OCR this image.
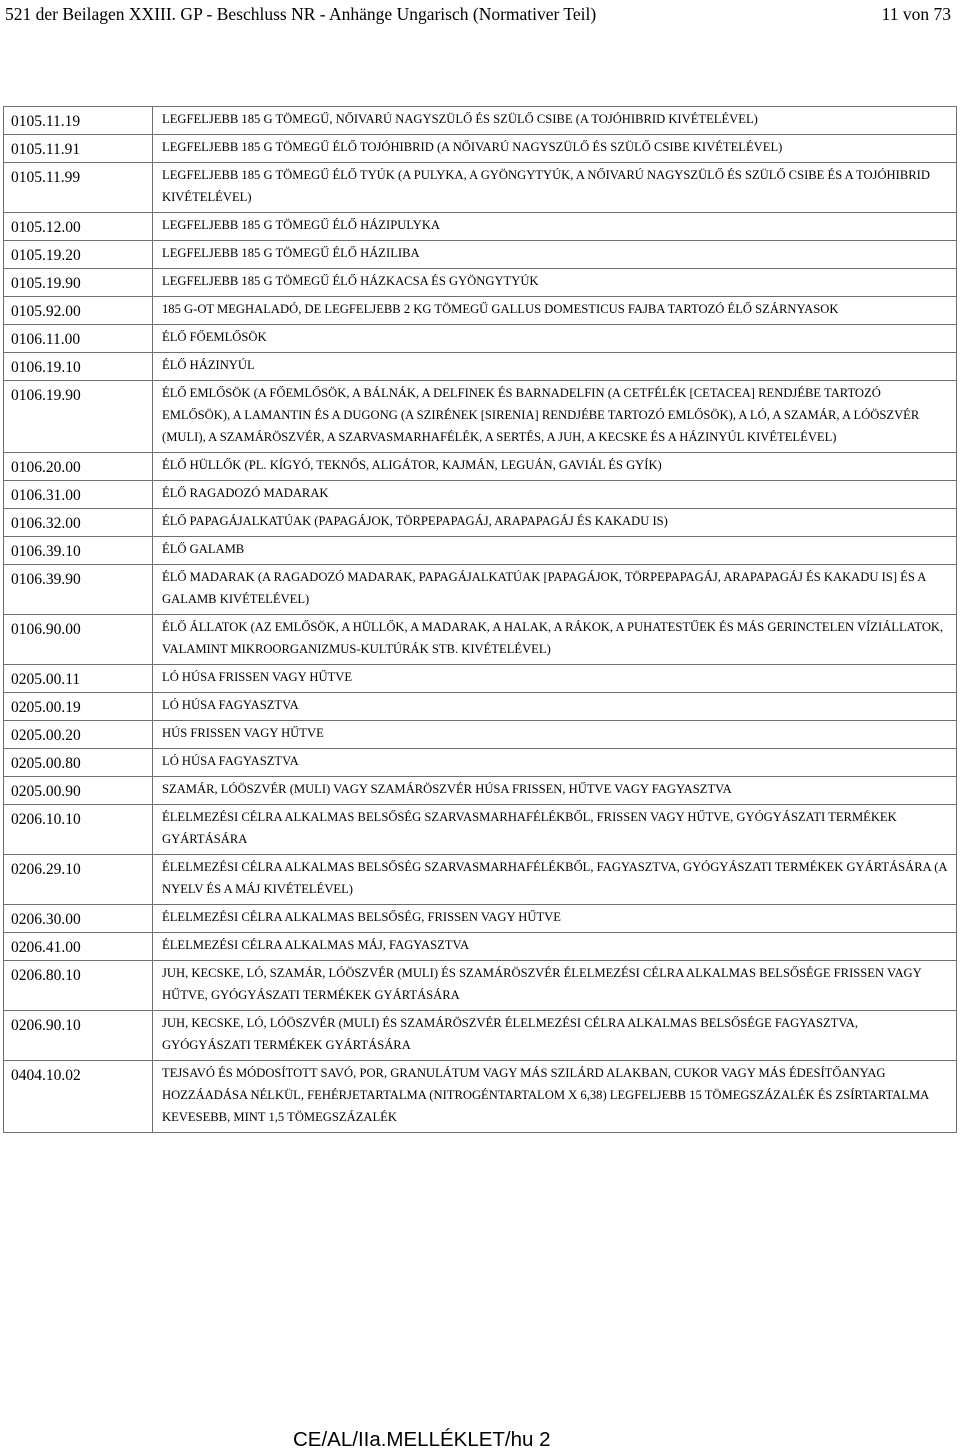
521 der Beilagen XXIII. GP - Beschluss NR - Anhänge Ungarisch (Normativer Teil)	11 von 73
0105.11.19	LEGFELJEBB 185 G TÖMEGŰ, NŐIVARÚ NAGYSZÜLŐ ÉS SZÜLŐ CSIBE (A TOJÓHIBRID KIVÉTELÉVEL)
0105.11.91	LEGFELJEBB 185 G TÖMEGŰ ÉLŐ TOJÓHIBRID (A NŐIVARÚ NAGYSZÜLŐ ÉS SZÜLŐ CSIBE KIVÉTELÉVEL)
0105.11.99	LEGFELJEBB 185 G TÖMEGŰ ÉLŐ TYÚK (A PULYKA, A GYÖNGYTYÚK, A NŐIVARÚ NAGYSZÜLŐ ÉS SZÜLŐ CSIBE ÉS A TOJÓHIBRID KIVÉTELÉVEL)
0105.12.00	LEGFELJEBB 185 G TÖMEGŰ ÉLŐ HÁZIPULYKA
0105.19.20	LEGFELJEBB 185 G TÖMEGŰ ÉLŐ HÁZILIBA
0105.19.90	LEGFELJEBB 185 G TÖMEGŰ ÉLŐ HÁZKACSA ÉS GYÖNGYTYÚK
0105.92.00	185 G-OT MEGHALADÓ, DE LEGFELJEBB 2 KG TÖMEGŰ GALLUS DOMESTICUS FAJBA TARTOZÓ ÉLŐ SZÁRNYASOK
0106.11.00	ÉLŐ FŐEMLŐSÖK
0106.19.10	ÉLŐ HÁZINYÚL
0106.19.90	ÉLŐ EMLŐSÖK (A FŐEMLŐSÖK, A BÁLNÁK, A DELFINEK ÉS BARNADELFIN (A CETFÉLÉK [CETACEA] RENDJÉBE TARTOZÓ EMLŐSÖK), A LAMANTIN ÉS A DUGONG (A SZIRÉNEK [SIRENIA] RENDJÉBE TARTOZÓ EMLŐSÖK), A LÓ, A SZAMÁR, A LÓÖSZVÉR (MULI), A SZAMÁRÖSZVÉR, A SZARVASMARHAFÉLÉK, A SERTÉS, A JUH, A KECSKE ÉS A HÁZINYÚL KIVÉTELÉVEL)
0106.20.00	ÉLŐ HÜLLŐK (PL. KÍGYÓ, TEKNŐS, ALIGÁTOR, KAJMÁN, LEGUÁN, GAVIÁL ÉS GYÍK)
0106.31.00	ÉLŐ RAGADOZÓ MADARAK
0106.32.00	ÉLŐ PAPAGÁJALKATÚAK (PAPAGÁJOK, TÖRPEPAPAGÁJ, ARAPAPAGÁJ ÉS KAKADU IS)
0106.39.10	ÉLŐ GALAMB
0106.39.90	ÉLŐ MADARAK (A RAGADOZÓ MADARAK, PAPAGÁJALKATÚAK [PAPAGÁJOK, TÖRPEPAPAGÁJ, ARAPAPAGÁJ ÉS KAKADU IS] ÉS A GALAMB KIVÉTELÉVEL)
0106.90.00	ÉLŐ ÁLLATOK (AZ EMLŐSÖK, A HÜLLŐK, A MADARAK, A HALAK, A RÁKOK, A PUHATESTŰEK ÉS MÁS GERINCTELEN VÍZIÁLLATOK, VALAMINT MIKROORGANIZMUS-KULTÚRÁK STB. KIVÉTELÉVEL)
0205.00.11	LÓ HÚSA FRISSEN VAGY HŰTVE
0205.00.19	LÓ HÚSA FAGYASZTVA
0205.00.20	HÚS FRISSEN VAGY HŰTVE
0205.00.80	LÓ HÚSA FAGYASZTVA
0205.00.90	SZAMÁR, LÓÖSZVÉR (MULI) VAGY SZAMÁRÖSZVÉR HÚSA FRISSEN, HŰTVE VAGY FAGYASZTVA
0206.10.10	ÉLELMEZÉSI CÉLRA ALKALMAS BELSŐSÉG SZARVASMARHAFÉLÉKBŐL, FRISSEN VAGY HŰTVE, GYÓGYÁSZATI TERMÉKEK GYÁRTÁSÁRA
0206.29.10	ÉLELMEZÉSI CÉLRA ALKALMAS BELSŐSÉG SZARVASMARHAFÉLÉKBŐL, FAGYASZTVA, GYÓGYÁSZATI TERMÉKEK GYÁRTÁSÁRA (A NYELV ÉS A MÁJ KIVÉTELÉVEL)
0206.30.00	ÉLELMEZÉSI CÉLRA ALKALMAS BELSŐSÉG, FRISSEN VAGY HŰTVE
0206.41.00	ÉLELMEZÉSI CÉLRA ALKALMAS MÁJ, FAGYASZTVA
0206.80.10	JUH, KECSKE, LÓ, SZAMÁR, LÓÖSZVÉR (MULI) ÉS SZAMÁRÖSZVÉR ÉLELMEZÉSI CÉLRA ALKALMAS BELSŐSÉGE FRISSEN VAGY HŰTVE, GYÓGYÁSZATI TERMÉKEK GYÁRTÁSÁRA
0206.90.10	JUH, KECSKE, LÓ, LÓÖSZVÉR (MULI) ÉS SZAMÁRÖSZVÉR ÉLELMEZÉSI CÉLRA ALKALMAS BELSŐSÉGE FAGYASZTVA, GYÓGYÁSZATI TERMÉKEK GYÁRTÁSÁRA
0404.10.02	TEJSAVÓ ÉS MÓDOSÍTOTT SAVÓ, POR, GRANULÁTUM VAGY MÁS SZILÁRD ALAKBAN, CUKOR VAGY MÁS ÉDESÍTŐANYAG HOZZÁADÁSA NÉLKÜL, FEHÉRJETARTALMA (NITROGÉNTARTALOM X 6,38) LEGFELJEBB 15 TÖMEGSZÁZALÉK ÉS ZSÍRTARTALMA KEVESEBB, MINT 1,5 TÖMEGSZÁZALÉK
CE/AL/IIa.MELLÉKLET/hu 2
